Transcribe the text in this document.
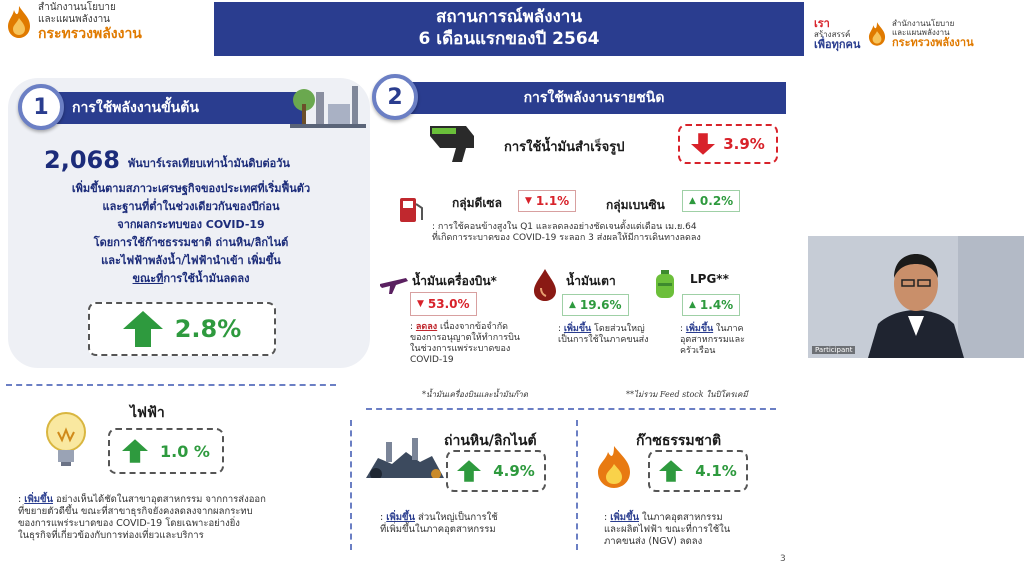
สำนักงานนโยบาย
และแผนพลังงาน
กระทรวงพลังงาน
สถานการณ์พลังงาน
6 เดือนแรกของปี 2564
การใช้พลังงานขั้นต้น
1
2,068 พันบาร์เรลเทียบเท่าน้ำมันดิบต่อวัน
เพิ่มขึ้นตามสภาวะเศรษฐกิจของประเทศที่เริ่มฟื้นตัว
และฐานที่ต่ำในช่วงเดียวกันของปีก่อน
จากผลกระทบของ COVID-19
โดยการใช้ก๊าซธรรมชาติ ถ่านหิน/ลิกไนต์
และไฟฟ้าพลังน้ำ/ไฟฟ้านำเข้า เพิ่มขึ้น
ขณะที่การใช้น้ำมันลดลง
2.8%
ไฟฟ้า
1.0 %
: เพิ่มขึ้น อย่างเห็นได้ชัดในสาขาอุตสาหกรรม จากการส่งออก
ที่ขยายตัวดีขึ้น ขณะที่สาขาธุรกิจยังคงลดลงจากผลกระทบ
ของการแพร่ระบาดของ COVID-19 โดยเฉพาะอย่างยิ่ง
ในธุรกิจที่เกี่ยวข้องกับการท่องเที่ยวและบริการ
การใช้พลังงานรายชนิด
2
การใช้น้ำมันสำเร็จรูป	3.9%
กลุ่มดีเซล	▼ 1.1%	กลุ่มเบนซิน	▲ 0.2%
: การใช้คอนข้างสูงใน Q1 และลดลงอย่างชัดเจนตั้งแต่เดือน เม.ย.64
ที่เกิดการระบาดของ COVID-19 ระลอก 3 ส่งผลให้มีการเดินทางลดลง
น้ำมันเครื่องบิน*
▼ 53.0%
: ลดลง เนื่องจากข้อจำกัด
ของการอนุญาตให้ทำการบิน
ในช่วงการแพร่ระบาดของ
COVID-19
น้ำมันเตา
▲ 19.6%
: เพิ่มขึ้น โดยส่วนใหญ่
เป็นการใช้ในภาคขนส่ง
LPG**
▲ 1.4%
: เพิ่มขึ้น ในภาค
อุตสาหกรรมและ
ครัวเรือน
*น้ำมันเครื่องบินและน้ำมันก๊าด	**ไม่รวม Feed stock ในปิโตรเคมี
ถ่านหิน/ลิกไนต์
4.9%
: เพิ่มขึ้น ส่วนใหญ่เป็นการใช้
ที่เพิ่มขึ้นในภาคอุตสาหกรรม
ก๊าซธรรมชาติ
4.1%
: เพิ่มขึ้น ในภาคอุตสาหกรรม
และผลิตไฟฟ้า ขณะที่การใช้ใน
ภาคขนส่ง (NGV) ลดลง
3
เรา
สร้างสรรค์
เพื่อทุกคน
สำนักงานนโยบาย
และแผนพลังงาน
กระทรวงพลังงาน
Participant
